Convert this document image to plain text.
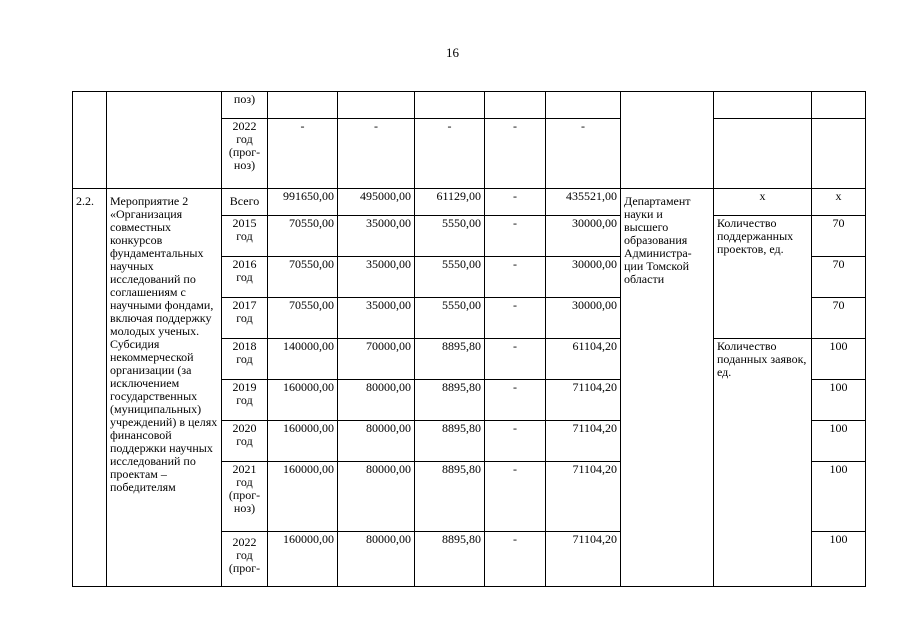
16
		поз)								
		2022 год (прог-ноз)	-	-	-	-	-			
2.2.	Мероприятие 2 «Организация совместных конкурсов фундаментальных научных исследований по соглашениям с научными фондами, включая поддержку молодых ученых. Субсидия некоммерческой организации (за исключением государственных (муниципальных) учреждений) в целях финансовой поддержки научных исследований по проектам – победителям	Всего	991650,00	495000,00	61129,00	-	435521,00	Департамент науки и высшего образования Администра-ции Томской области	х	х
		2015 год	70550,00	35000,00	5550,00	-	30000,00		Количество поддержанных проектов, ед.	70
		2016 год	70550,00	35000,00	5550,00	-	30000,00			70
		2017 год	70550,00	35000,00	5550,00	-	30000,00			70
		2018 год	140000,00	70000,00	8895,80	-	61104,20		Количество поданных заявок, ед.	100
		2019 год	160000,00	80000,00	8895,80	-	71104,20			100
		2020 год	160000,00	80000,00	8895,80	-	71104,20			100
		2021 год (прог-ноз)	160000,00	80000,00	8895,80	-	71104,20			100
		2022 год (прог-	160000,00	80000,00	8895,80	-	71104,20			100
